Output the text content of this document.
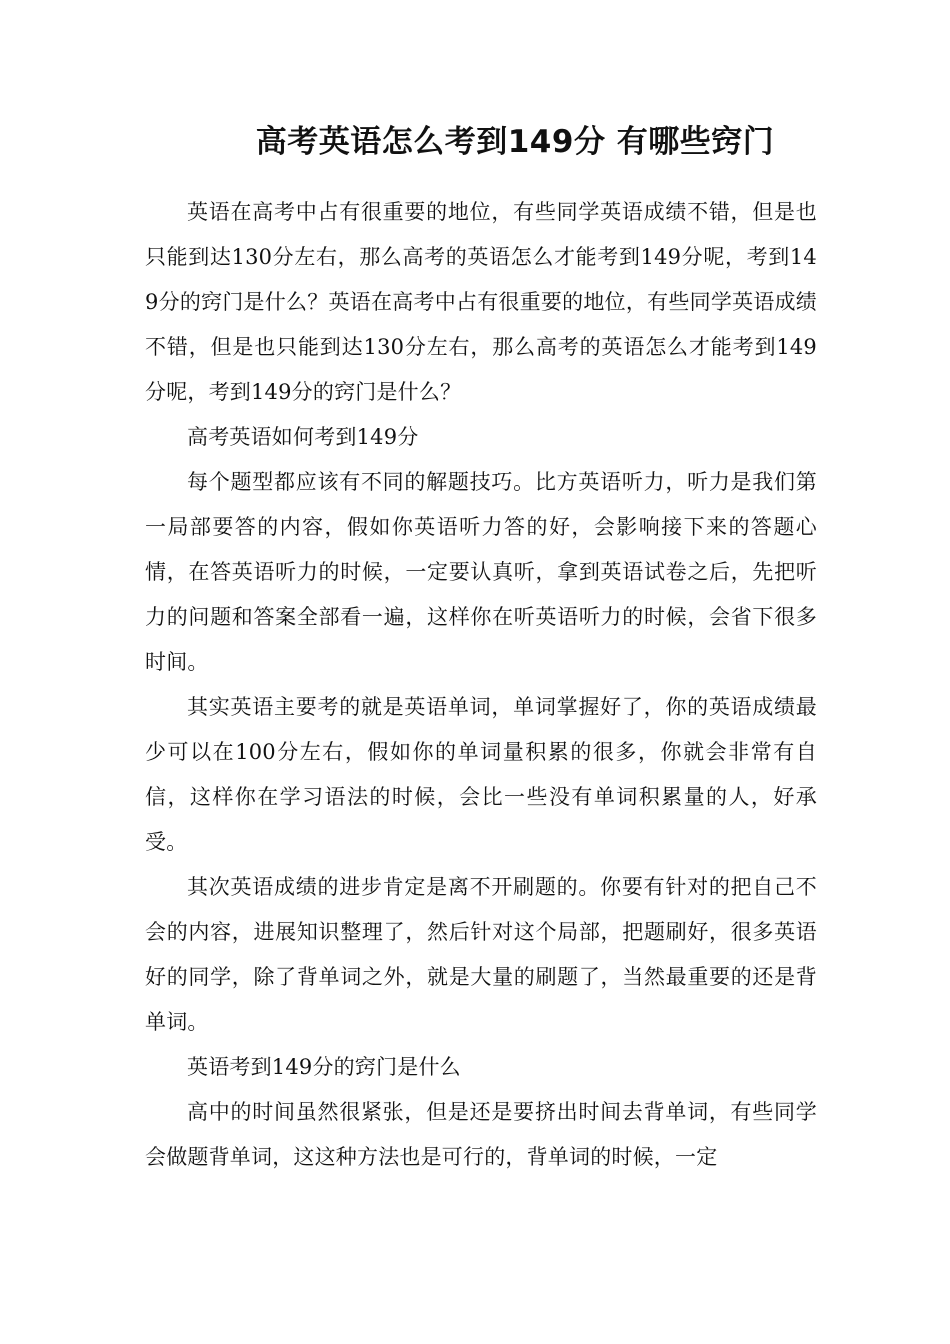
高考英语怎么考到149分 有哪些窍门

英语在高考中占有很重要的地位，有些同学英语成绩不错，但是也只能到达130分左右，那么高考的英语怎么才能考到149分呢，考到149分的窍门是什么？英语在高考中占有很重要的地位，有些同学英语成绩不错，但是也只能到达130分左右，那么高考的英语怎么才能考到149分呢，考到149分的窍门是什么？

高考英语如何考到149分

每个题型都应该有不同的解题技巧。比方英语听力，听力是我们第一局部要答的内容，假如你英语听力答的好，会影响接下来的答题心情，在答英语听力的时候，一定要认真听，拿到英语试卷之后，先把听力的问题和答案全部看一遍，这样你在听英语听力的时候，会省下很多时间。

其实英语主要考的就是英语单词，单词掌握好了，你的英语成绩最少可以在100分左右，假如你的单词量积累的很多，你就会非常有自信，这样你在学习语法的时候，会比一些没有单词积累量的人，好承受。

其次英语成绩的进步肯定是离不开刷题的。你要有针对的把自己不会的内容，进展知识整理了，然后针对这个局部，把题刷好，很多英语好的同学，除了背单词之外，就是大量的刷题了，当然最重要的还是背单词。

英语考到149分的窍门是什么

高中的时间虽然很紧张，但是还是要挤出时间去背单词，有些同学会做题背单词，这这种方法也是可行的，背单词的时候，一定
